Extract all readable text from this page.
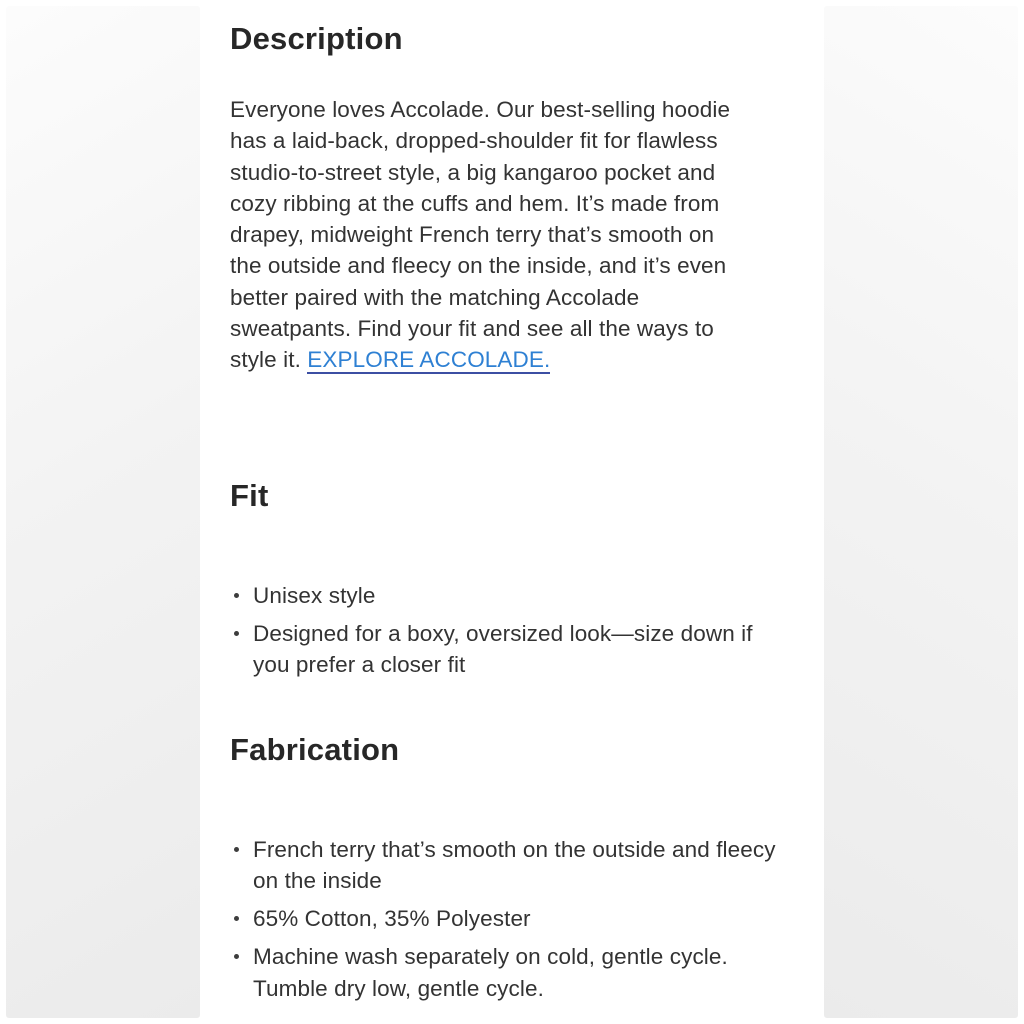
Description
Everyone loves Accolade. Our best-selling hoodie
has a laid-back, dropped-shoulder fit for flawless
studio-to-street style, a big kangaroo pocket and
cozy ribbing at the cuffs and hem. It’s made from
drapey, midweight French terry that’s smooth on
the outside and fleecy on the inside, and it’s even
better paired with the matching Accolade
sweatpants. Find your fit and see all the ways to
style it. EXPLORE ACCOLADE.
Fit
Unisex style
Designed for a boxy, oversized look—size down if you prefer a closer fit
Fabrication
French terry that’s smooth on the outside and fleecy on the inside
65% Cotton, 35% Polyester
Machine wash separately on cold, gentle cycle. Tumble dry low, gentle cycle.
